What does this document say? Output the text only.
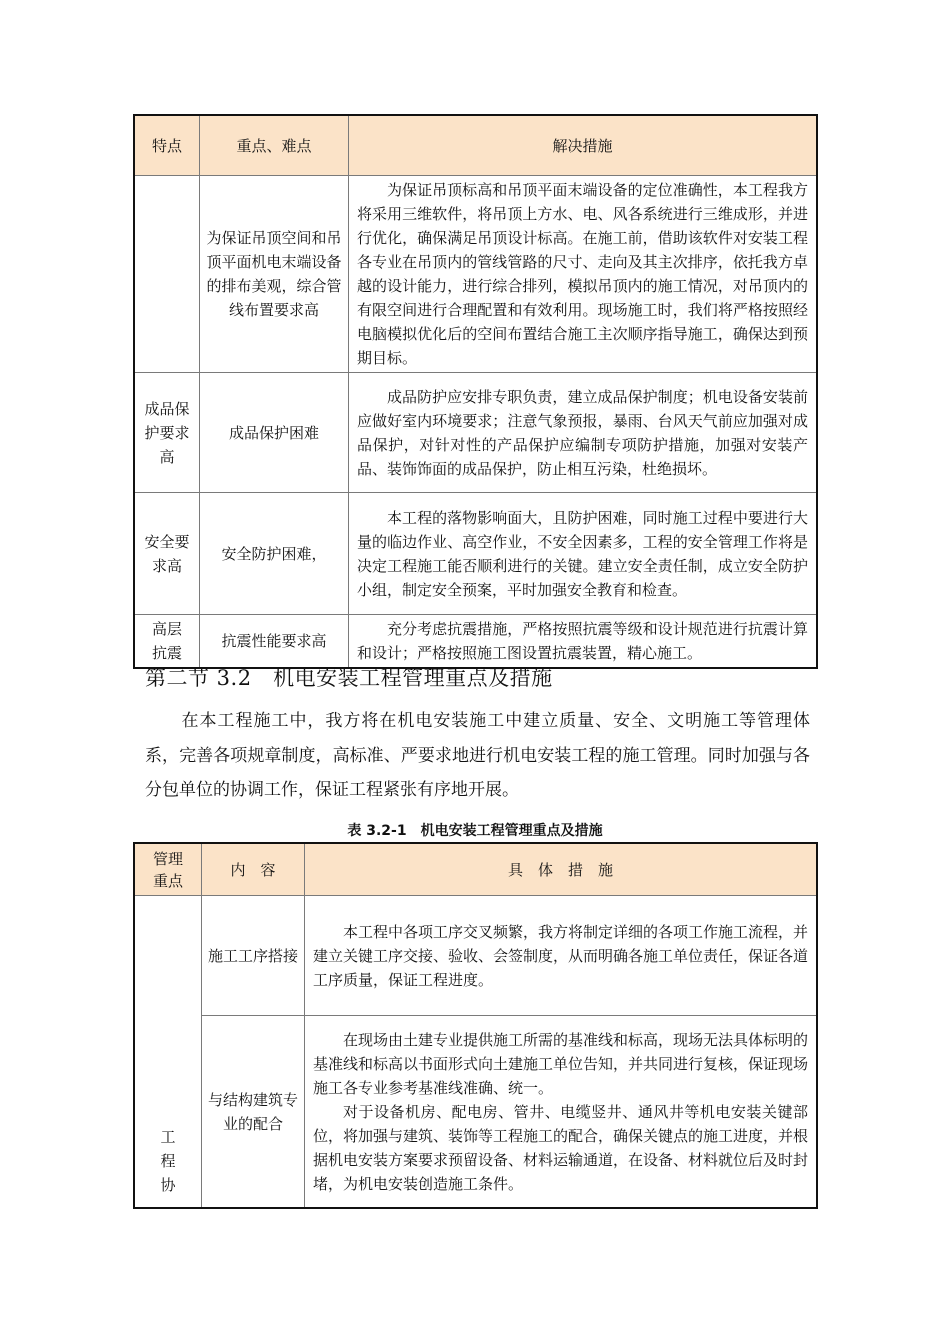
特点	重点、难点	解决措施
	为保证吊顶空间和吊顶平面机电末端设备的排布美观，综合管线布置要求高	为保证吊顶标高和吊顶平面末端设备的定位准确性，本工程我方将采用三维软件，将吊顶上方水、电、风各系统进行三维成形，并进行优化，确保满足吊顶设计标高。在施工前，借助该软件对安装工程各专业在吊顶内的管线管路的尺寸、走向及其主次排序，依托我方卓越的设计能力，进行综合排列，模拟吊顶内的施工情况，对吊顶内的有限空间进行合理配置和有效利用。现场施工时，我们将严格按照经电脑模拟优化后的空间布置结合施工主次顺序指导施工，确保达到预期目标。

成品保护要求高	成品保护困难	成品防护应安排专职负责，建立成品保护制度；机电设备安装前应做好室内环境要求；注意气象预报，暴雨、台风天气前应加强对成品保护，对针对性的产品保护应编制专项防护措施，加强对安装产品、装饰饰面的成品保护，防止相互污染，杜绝损坏。

安全要求高	安全防护困难，	本工程的落物影响面大，且防护困难，同时施工过程中要进行大量的临边作业、高空作业，不安全因素多，工程的安全管理工作将是决定工程施工能否顺利进行的关键。建立安全责任制，成立安全防护小组，制定安全预案，平时加强安全教育和检查。

高层抗震	抗震性能要求高	充分考虑抗震措施，严格按照抗震等级和设计规范进行抗震计算和设计；严格按照施工图设置抗震装置，精心施工。

第二节 3.2　机电安装工程管理重点及措施

在本工程施工中，我方将在机电安装施工中建立质量、安全、文明施工等管理体系，完善各项规章制度，高标准、严要求地进行机电安装工程的施工管理。同时加强与各分包单位的协调工作，保证工程紧张有序地开展。

表 3.2-1　机电安装工程管理重点及措施
管理重点	内　容	具　体　措　施
工程协	施工工序搭接	本工程中各项工序交叉频繁，我方将制定详细的各项工作施工流程，并建立关键工序交接、验收、会签制度，从而明确各施工单位责任，保证各道工序质量，保证工程进度。

	与结构建筑专业的配合	在现场由土建专业提供施工所需的基准线和标高，现场无法具体标明的基准线和标高以书面形式向土建施工单位告知，并共同进行复核，保证现场施工各专业参考基准线准确、统一。

对于设备机房、配电房、管井、电缆竖井、通风井等机电安装关键部位，将加强与建筑、装饰等工程施工的配合，确保关键点的施工进度，并根据机电安装方案要求预留设备、材料运输通道，在设备、材料就位后及时封堵，为机电安装创造施工条件。
